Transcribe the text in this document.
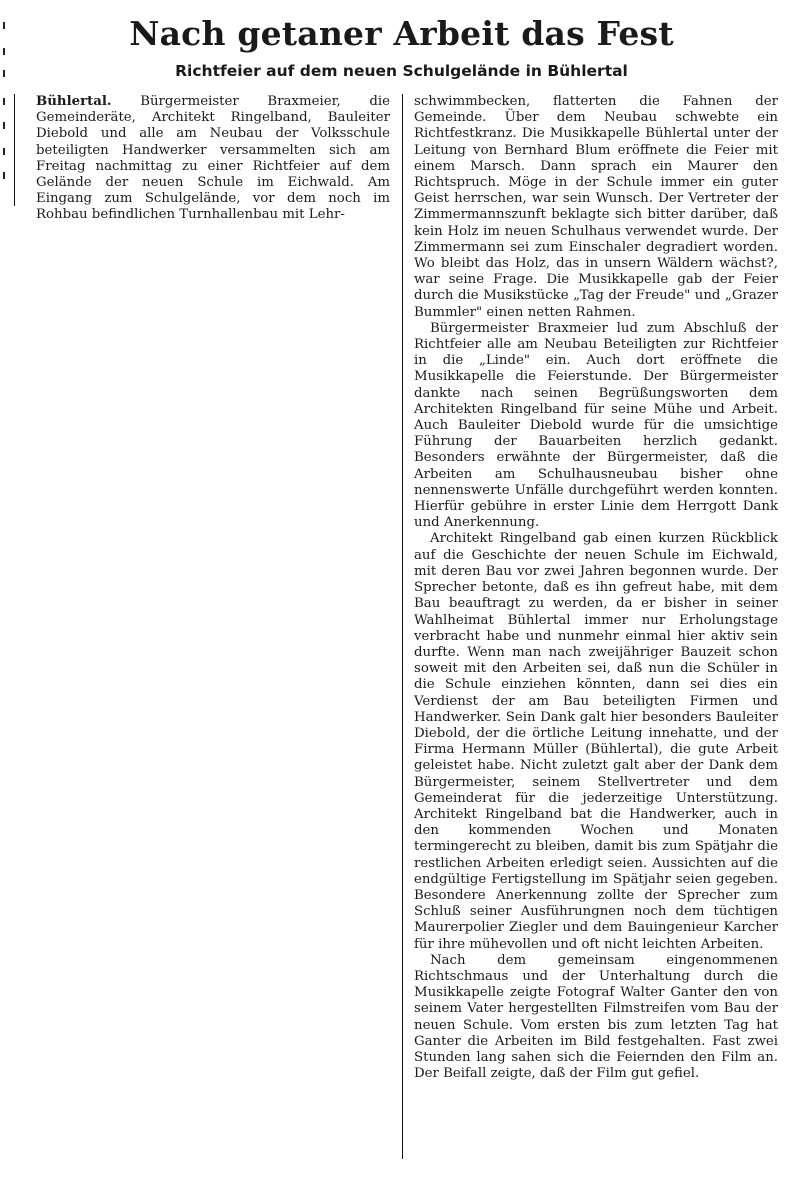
Nach getaner Arbeit das Fest
Richtfeier auf dem neuen Schulgelände in Bühlertal

Bühlertal. Bürgermeister Braxmeier, die Gemeinderäte, Architekt Ringelband, Bauleiter Diebold und alle am Neubau der Volksschule beteiligten Handwerker versammelten sich am Freitag nachmittag zu einer Richtfeier auf dem Gelände der neuen Schule im Eichwald. Am Eingang zum Schulgelände, vor dem noch im Rohbau befindlichen Turnhallenbau mit Lehr-

schwimmbecken, flatterten die Fahnen der Gemeinde. Über dem Neubau schwebte ein Richtfestkranz. Die Musikkapelle Bühlertal unter der Leitung von Bernhard Blum eröffnete die Feier mit einem Marsch. Dann sprach ein Maurer den Richtspruch. Möge in der Schule immer ein guter Geist herrschen, war sein Wunsch. Der Vertreter der Zimmermannszunft beklagte sich bitter darüber, daß kein Holz im neuen Schulhaus verwendet wurde. Der Zimmermann sei zum Einschaler degradiert worden. Wo bleibt das Holz, das in unsern Wäldern wächst?, war seine Frage. Die Musikkapelle gab der Feier durch die Musikstücke „Tag der Freude" und „Grazer Bummler" einen netten Rahmen.

Bürgermeister Braxmeier lud zum Abschluß der Richtfeier alle am Neubau Beteiligten zur Richtfeier in die „Linde" ein. Auch dort eröffnete die Musikkapelle die Feierstunde. Der Bürgermeister dankte nach seinen Begrüßungsworten dem Architekten Ringelband für seine Mühe und Arbeit. Auch Bauleiter Diebold wurde für die umsichtige Führung der Bauarbeiten herzlich gedankt. Besonders erwähnte der Bürgermeister, daß die Arbeiten am Schulhausneubau bisher ohne nennenswerte Unfälle durchgeführt werden konnten. Hierfür gebühre in erster Linie dem Herrgott Dank und Anerkennung.

Architekt Ringelband gab einen kurzen Rückblick auf die Geschichte der neuen Schule im Eichwald, mit deren Bau vor zwei Jahren begonnen wurde. Der Sprecher betonte, daß es ihn gefreut habe, mit dem Bau beauftragt zu werden, da er bisher in seiner Wahlheimat Bühlertal immer nur Erholungstage verbracht habe und nunmehr einmal hier aktiv sein durfte. Wenn man nach zweijähriger Bauzeit schon soweit mit den Arbeiten sei, daß nun die Schüler in die Schule einziehen könnten, dann sei dies ein Verdienst der am Bau beteiligten Firmen und Handwerker. Sein Dank galt hier besonders Bauleiter Diebold, der die örtliche Leitung innehatte, und der Firma Hermann Müller (Bühlertal), die gute Arbeit geleistet habe. Nicht zuletzt galt aber der Dank dem Bürgermeister, seinem Stellvertreter und dem Gemeinderat für die jederzeitige Unterstützung. Architekt Ringelband bat die Handwerker, auch in den kommenden Wochen und Monaten termingerecht zu bleiben, damit bis zum Spätjahr die restlichen Arbeiten erledigt seien. Aussichten auf die endgültige Fertigstellung im Spätjahr seien gegeben. Besondere Anerkennung zollte der Sprecher zum Schluß seiner Ausführungnen noch dem tüchtigen Maurerpolier Ziegler und dem Bauingenieur Karcher für ihre mühevollen und oft nicht leichten Arbeiten.

Nach dem gemeinsam eingenommenen Richtschmaus und der Unterhaltung durch die Musikkapelle zeigte Fotograf Walter Ganter den von seinem Vater hergestellten Filmstreifen vom Bau der neuen Schule. Vom ersten bis zum letzten Tag hat Ganter die Arbeiten im Bild festgehalten. Fast zwei Stunden lang sahen sich die Feiernden den Film an. Der Beifall zeigte, daß der Film gut gefiel.
